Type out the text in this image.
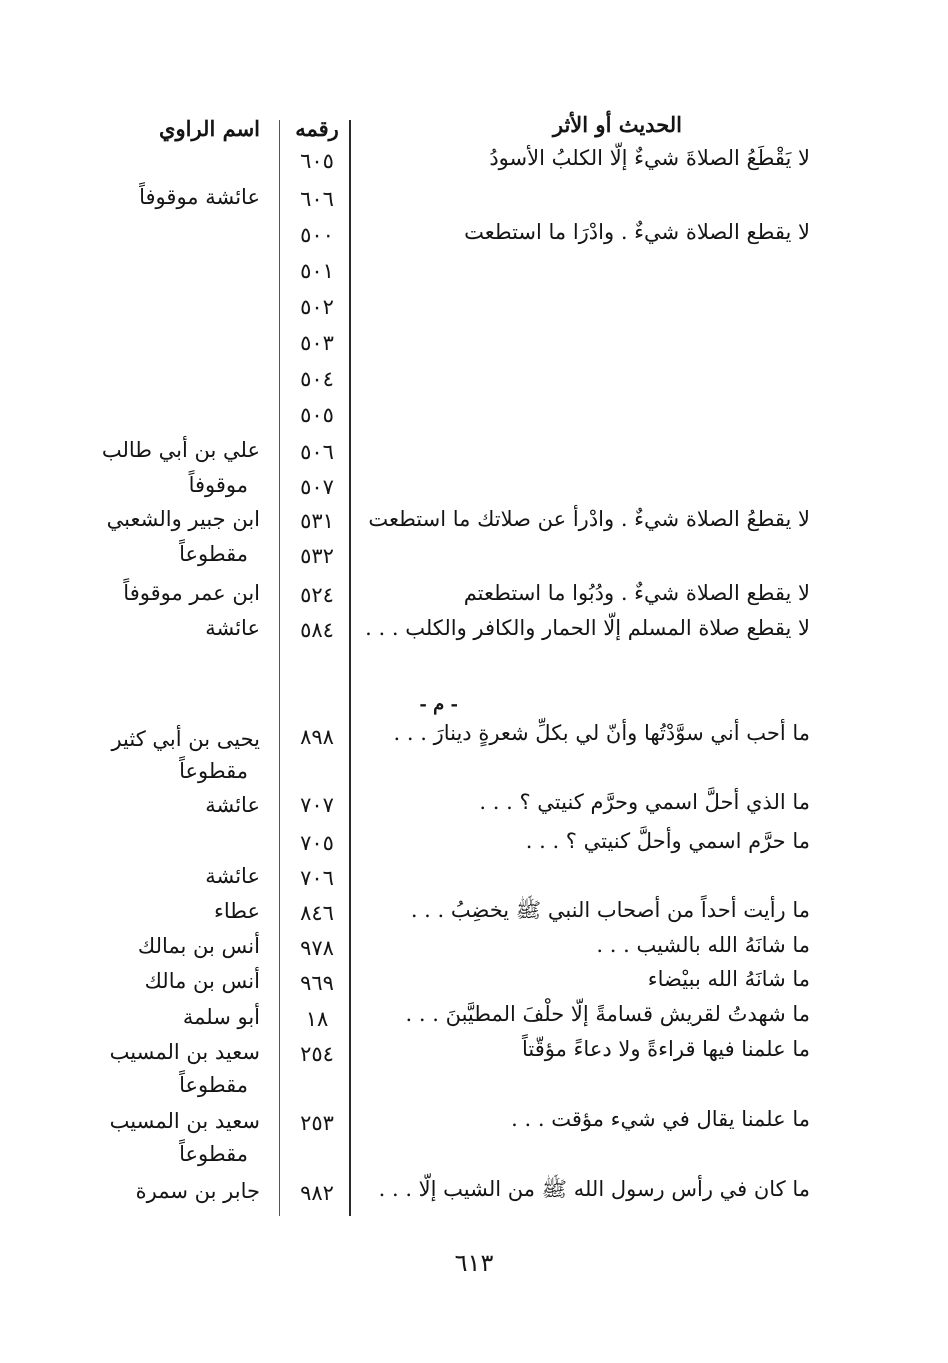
الحديث أو الأثر
رقمه
اسم الراوي
لا يَقْطَعُ الصلاةَ شيءٌ إلّا الكلبُ الأسودُ
لا يقطع الصلاة شيءٌ . وادْرَا ما استطعت
لا يقطعُ الصلاة شيءٌ . وادْرأ عن صلاتك ما استطعت
لا يقطع الصلاة شيءٌ . ودُبُوا ما استطعتم
لا يقطع صلاة المسلم إلّا الحمار والكافر والكلب . . .
- م -
ما أحب أني سوَّدْتُها وأنّ لي بكلِّ شعرةٍ دينارَ . . .
ما الذي أحلَّ اسمي وحرَّم كنيتي ؟ . . .
ما حرَّم اسمي وأحلَّ كنيتي ؟ . . .
ما رأيت أحداً من أصحاب النبي ﷺ يخضِبُ . . .
ما شانَهُ الله بالشيب . . .
ما شانَهُ الله ببيْضاء
ما شهدتُ لقريش قسامةً إلّا حلْفَ المطيَّبنَ . . .
ما علمنا فيها قراءةً ولا دعاءً مؤقّتاً
ما علمنا يقال في شيء مؤقت . . .
ما كان في رأس رسول الله ﷺ من الشيب إلّا . . .
٦٠٥
٦٠٦
٥٠٠
٥٠١
٥٠٢
٥٠٣
٥٠٤
٥٠٥
٥٠٦
٥٠٧
٥٣١
٥٣٢
٥٢٤
٥٨٤
٨٩٨
٧٠٧
٧٠٥
٧٠٦
٨٤٦
٩٧٨
٩٦٩
١٨
٢٥٤
٢٥٣
٩٨٢
عائشة موقوفاً
علي بن أبي طالب
موقوفاً
ابن جبير والشعبي
مقطوعاً
ابن عمر موقوفاً
عائشة
يحيى بن أبي كثير
مقطوعاً
عائشة
عائشة
عطاء
أنس بن بمالك
أنس بن مالك
أبو سلمة
سعيد بن المسيب
مقطوعاً
سعيد بن المسيب
مقطوعاً
جابر بن سمرة
٦١٣
